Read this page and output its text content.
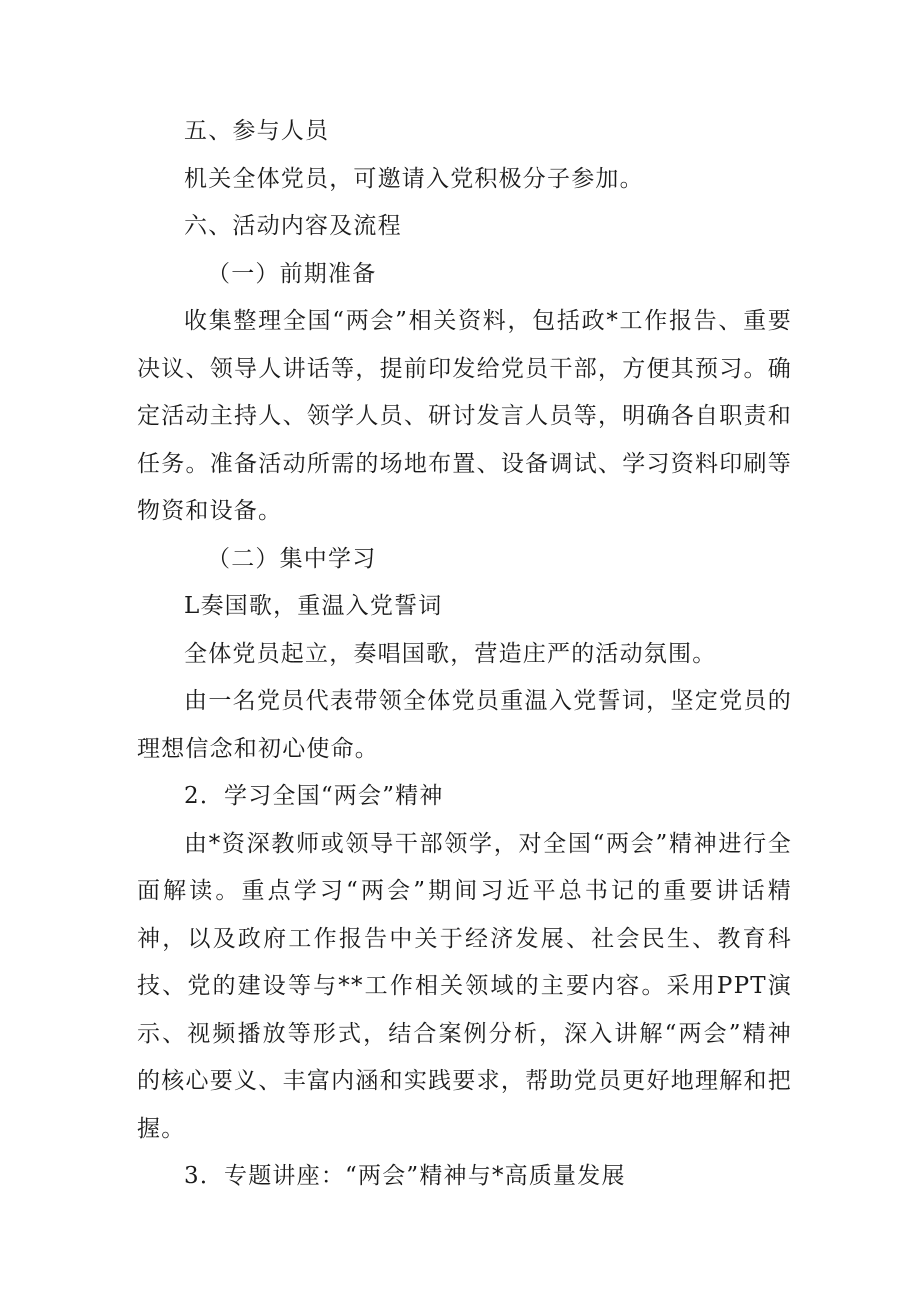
五、参与人员

机关全体党员，可邀请入党积极分子参加。

六、活动内容及流程

（一）前期准备

收集整理全国“两会”相关资料，包括政*工作报告、重要决议、领导人讲话等，提前印发给党员干部，方便其预习。确定活动主持人、领学人员、研讨发言人员等，明确各自职责和任务。准备活动所需的场地布置、设备调试、学习资料印刷等物资和设备。

（二）集中学习

L奏国歌，重温入党誓词

全体党员起立，奏唱国歌，营造庄严的活动氛围。

由一名党员代表带领全体党员重温入党誓词，坚定党员的理想信念和初心使命。

2．学习全国“两会”精神

由*资深教师或领导干部领学，对全国“两会”精神进行全面解读。重点学习“两会”期间习近平总书记的重要讲话精神，以及政府工作报告中关于经济发展、社会民生、教育科技、党的建设等与**工作相关领域的主要内容。采用PPT演示、视频播放等形式，结合案例分析，深入讲解“两会”精神的核心要义、丰富内涵和实践要求，帮助党员更好地理解和把握。

3．专题讲座：“两会”精神与*高质量发展
